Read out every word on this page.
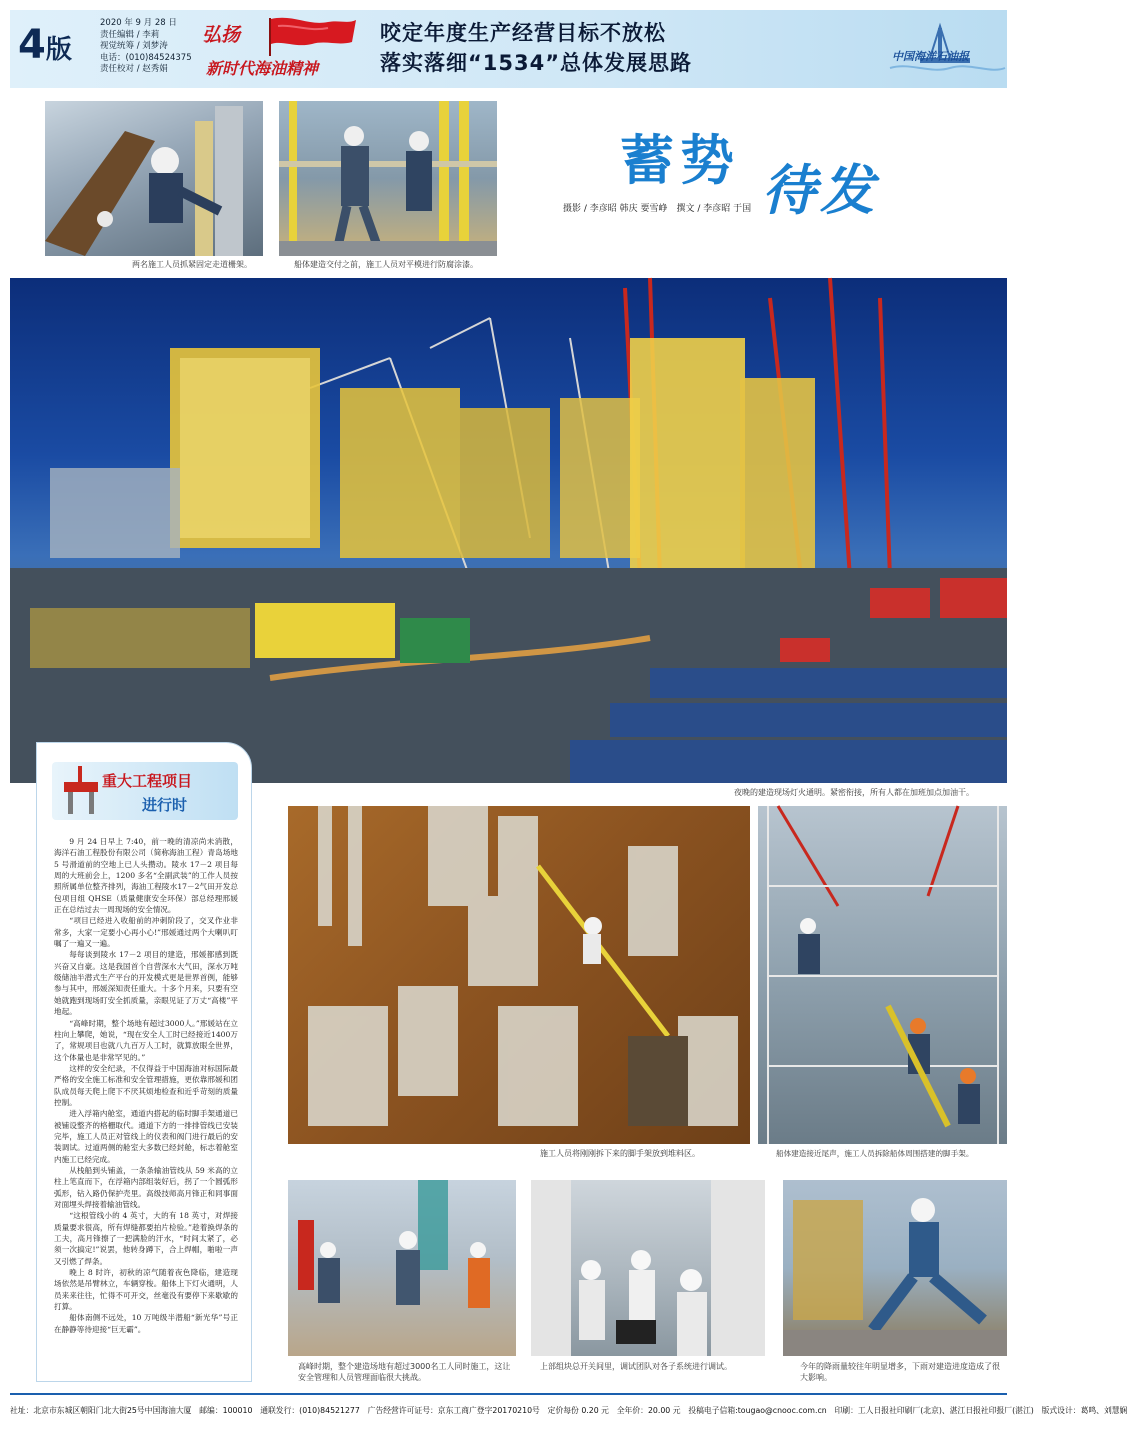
4版
2020 年 9 月 28 日
责任编辑 / 李莉
视觉统筹 / 刘梦涛
电话：(010)84524375
责任校对 / 赵秀娟
弘扬
新时代海油精神
咬定年度生产经营目标不放松
落实落细“1534”总体发展思路	中国海洋石油报
两名施工人员抓紧固定走道栅架。	船体建造交付之前，施工人员对平模进行防腐涂漆。
蓄势 待发
摄影 / 李彦昭 韩庆 要雪峥　撰文 / 李彦昭 于国
夜晚的建造现场灯火通明。紧密衔接，所有人都在加班加点加油干。
重大工程项目
进行时

9 月 24 日早上 7:40，前一晚的清凉尚未消散，海洋石油工程股份有限公司（简称海油工程）青岛场地 5 号滑道前的空地上已人头攒动。陵水 17－2 项目每周的大班前会上，1200 多名“全副武装”的工作人员按照所属单位整齐排列，海油工程陵水17－2气田开发总包项目组 QHSE（质量健康安全环保）部总经理邢媛正在总结过去一周现场的安全情况。

“项目已经进入收船前的冲刺阶段了，交叉作业非常多，大家一定要小心再小心!”邢媛通过两个大喇叭叮嘱了一遍又一遍。

每每谈到陵水 17－2 项目的建造，邢媛都感到既兴奋又自豪。这是我国首个自营深水大气田，深水万吨级储油半潜式生产平台的开发模式更是世界首例，能够参与其中，邢媛深知责任重大。十多个月来，只要有空她就跑到现场盯安全抓质量，亲眼见证了万丈“高楼”平地起。

“高峰时期，整个场地有超过3000人。”邢媛站在立柱向上攀爬，她说，“现在安全人工时已经接近1400万了，常规项目也就八九百万人工时，就算放眼全世界，这个体量也是非常罕见的。”

这样的安全纪录，不仅得益于中国海油对标国际最严格的安全施工标准和安全管理措施，更依靠邢媛和团队成员每天爬上爬下不厌其烦地检查和近乎苛刻的质量控制。

进入浮箱内舱室，通道内搭起的临时脚手架通道已被铺设整齐的格栅取代。通道下方的一排排管线已安装完毕，施工人员正对管线上的仪表和阀门进行最后的安装调试。过道两侧的舱室大多数已经封舱，标志着舱室内施工已经完成。

从栈船到头铺盖，一条条输油管线从 59 米高的立柱上笔直而下，在浮箱内部组装好后，拐了一个圆弧形弧形，钻入路仍保护壳里。高级技师高月锋正和同事面对面埋头焊接着输油管线。

“这根管线小的 4 英寸，大的有 18 英寸，对焊接质量要求很高，所有焊缝都要拍片检验。”趁着换焊条的工夫，高月锋擦了一把满脸的汗水，“时间太紧了，必须一次搞定!”说罢，他转身蹲下，合上焊帽，啪啦一声又引燃了焊条。

晚上 8 时许，初秋的凉气随着夜色降临，建造现场依然是吊臂林立，车辆穿梭。船体上下灯火通明，人员来来往往，忙得不可开交，丝毫没有要停下来歇歇的打算。

船体南侧不远处，10 万吨级半潜船“新光华”号正在静静等待迎接“巨无霸”。

施工人员将刚刚拆下来的脚手架放到堆料区。	船体建造接近尾声，施工人员拆除船体周围搭建的脚手架。
高峰时期，整个建造场地有超过3000名工人同时施工，这让安全管理和人员管理面临很大挑战。
上部组块总开关间里，调试团队对各子系统进行调试。	今年的降雨量较往年明显增多，下雨对建造进度造成了很大影响。
社址：北京市东城区朝阳门北大街25号中国海油大厦　邮编：100010　通联发行：(010)84521277　广告经营许可证号：京东工商广登字20170210号　定价每份 0.20 元　全年价：20.00 元　投稿电子信箱:tougao@cnooc.com.cn　印刷：工人日报社印刷厂(北京)、湛江日报社印报厂(湛江)　版式设计：葛鸣、刘慧娴
